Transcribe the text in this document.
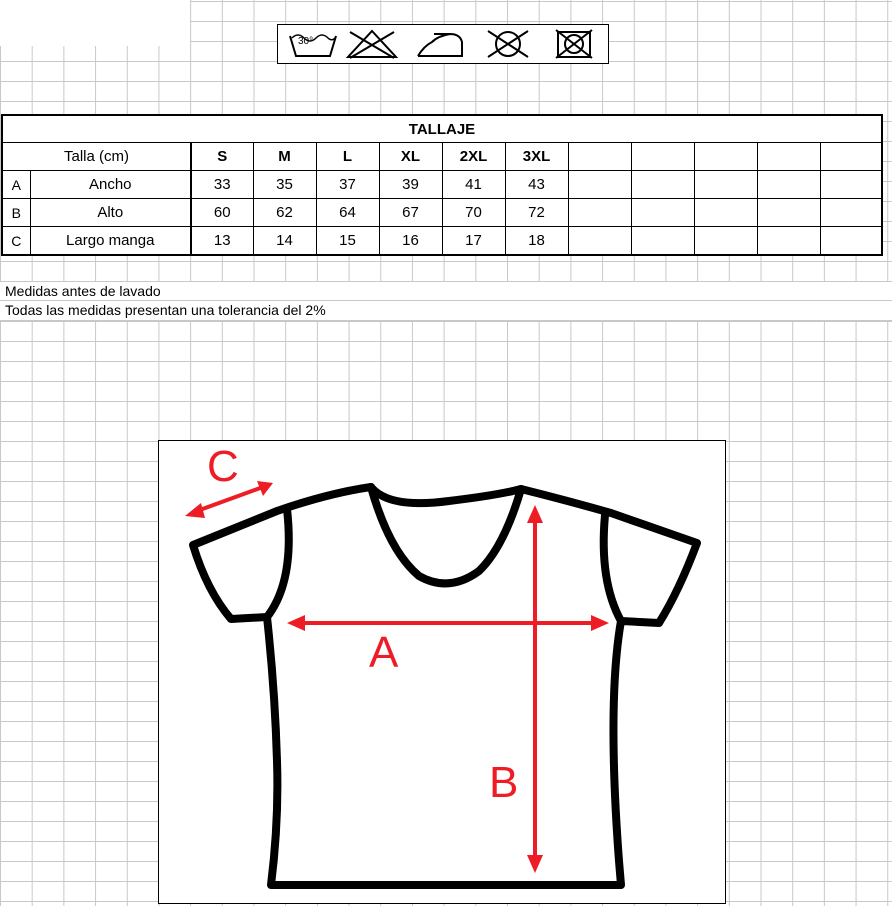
30°
TALLAJE												
Talla (cm)		S	M	L	XL	2XL	3XL					
A	Ancho	33	35	37	39	41	43					
B	Alto	60	62	64	67	70	72					
C	Largo manga	13	14	15	16	17	18					
Medidas antes de lavado
Todas las medidas presentan una tolerancia del 2%
A
B
C
